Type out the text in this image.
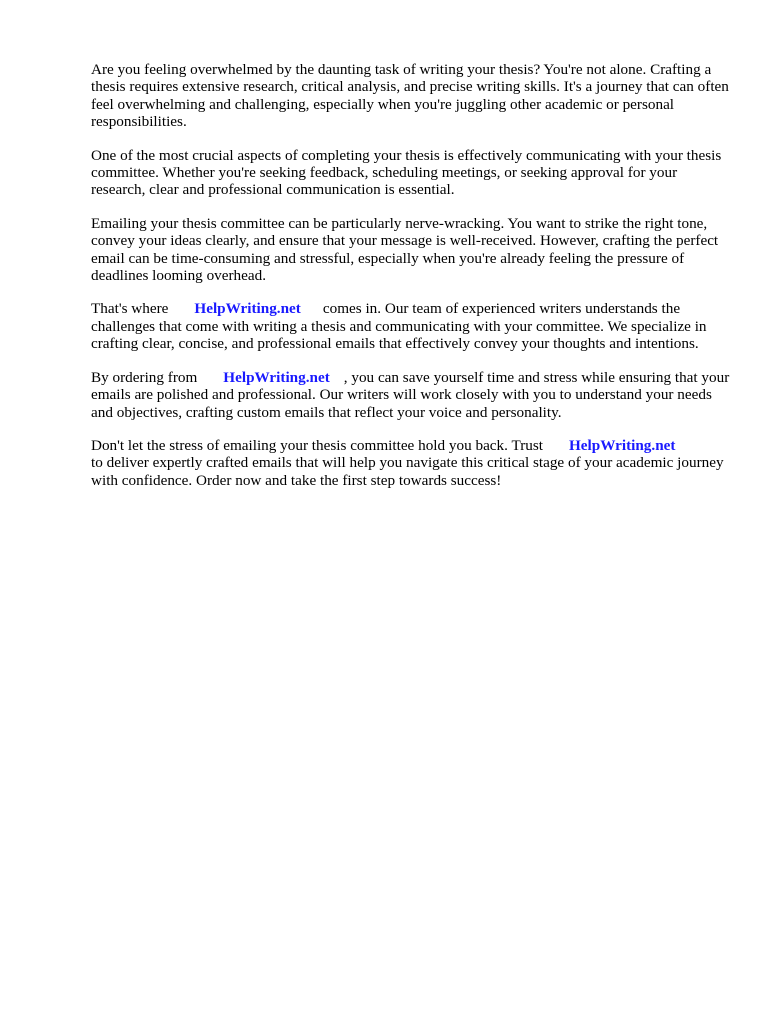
Are you feeling overwhelmed by the daunting task of writing your thesis? You're not alone. Crafting a thesis requires extensive research, critical analysis, and precise writing skills. It's a journey that can often feel overwhelming and challenging, especially when you're juggling other academic or personal responsibilities.

One of the most crucial aspects of completing your thesis is effectively communicating with your thesis committee. Whether you're seeking feedback, scheduling meetings, or seeking approval for your research, clear and professional communication is essential.

Emailing your thesis committee can be particularly nerve-wracking. You want to strike the right tone, convey your ideas clearly, and ensure that your message is well-received. However, crafting the perfect email can be time-consuming and stressful, especially when you're already feeling the pressure of deadlines looming overhead.

That's where HelpWriting.net comes in. Our team of experienced writers understands the challenges that come with writing a thesis and communicating with your committee. We specialize in crafting clear, concise, and professional emails that effectively convey your thoughts and intentions.

By ordering from HelpWriting.net , you can save yourself time and stress while ensuring that your emails are polished and professional. Our writers will work closely with you to understand your needs and objectives, crafting custom emails that reflect your voice and personality.

Don't let the stress of emailing your thesis committee hold you back. Trust HelpWriting.net
to deliver expertly crafted emails that will help you navigate this critical stage of your academic journey with confidence. Order now and take the first step towards success!
